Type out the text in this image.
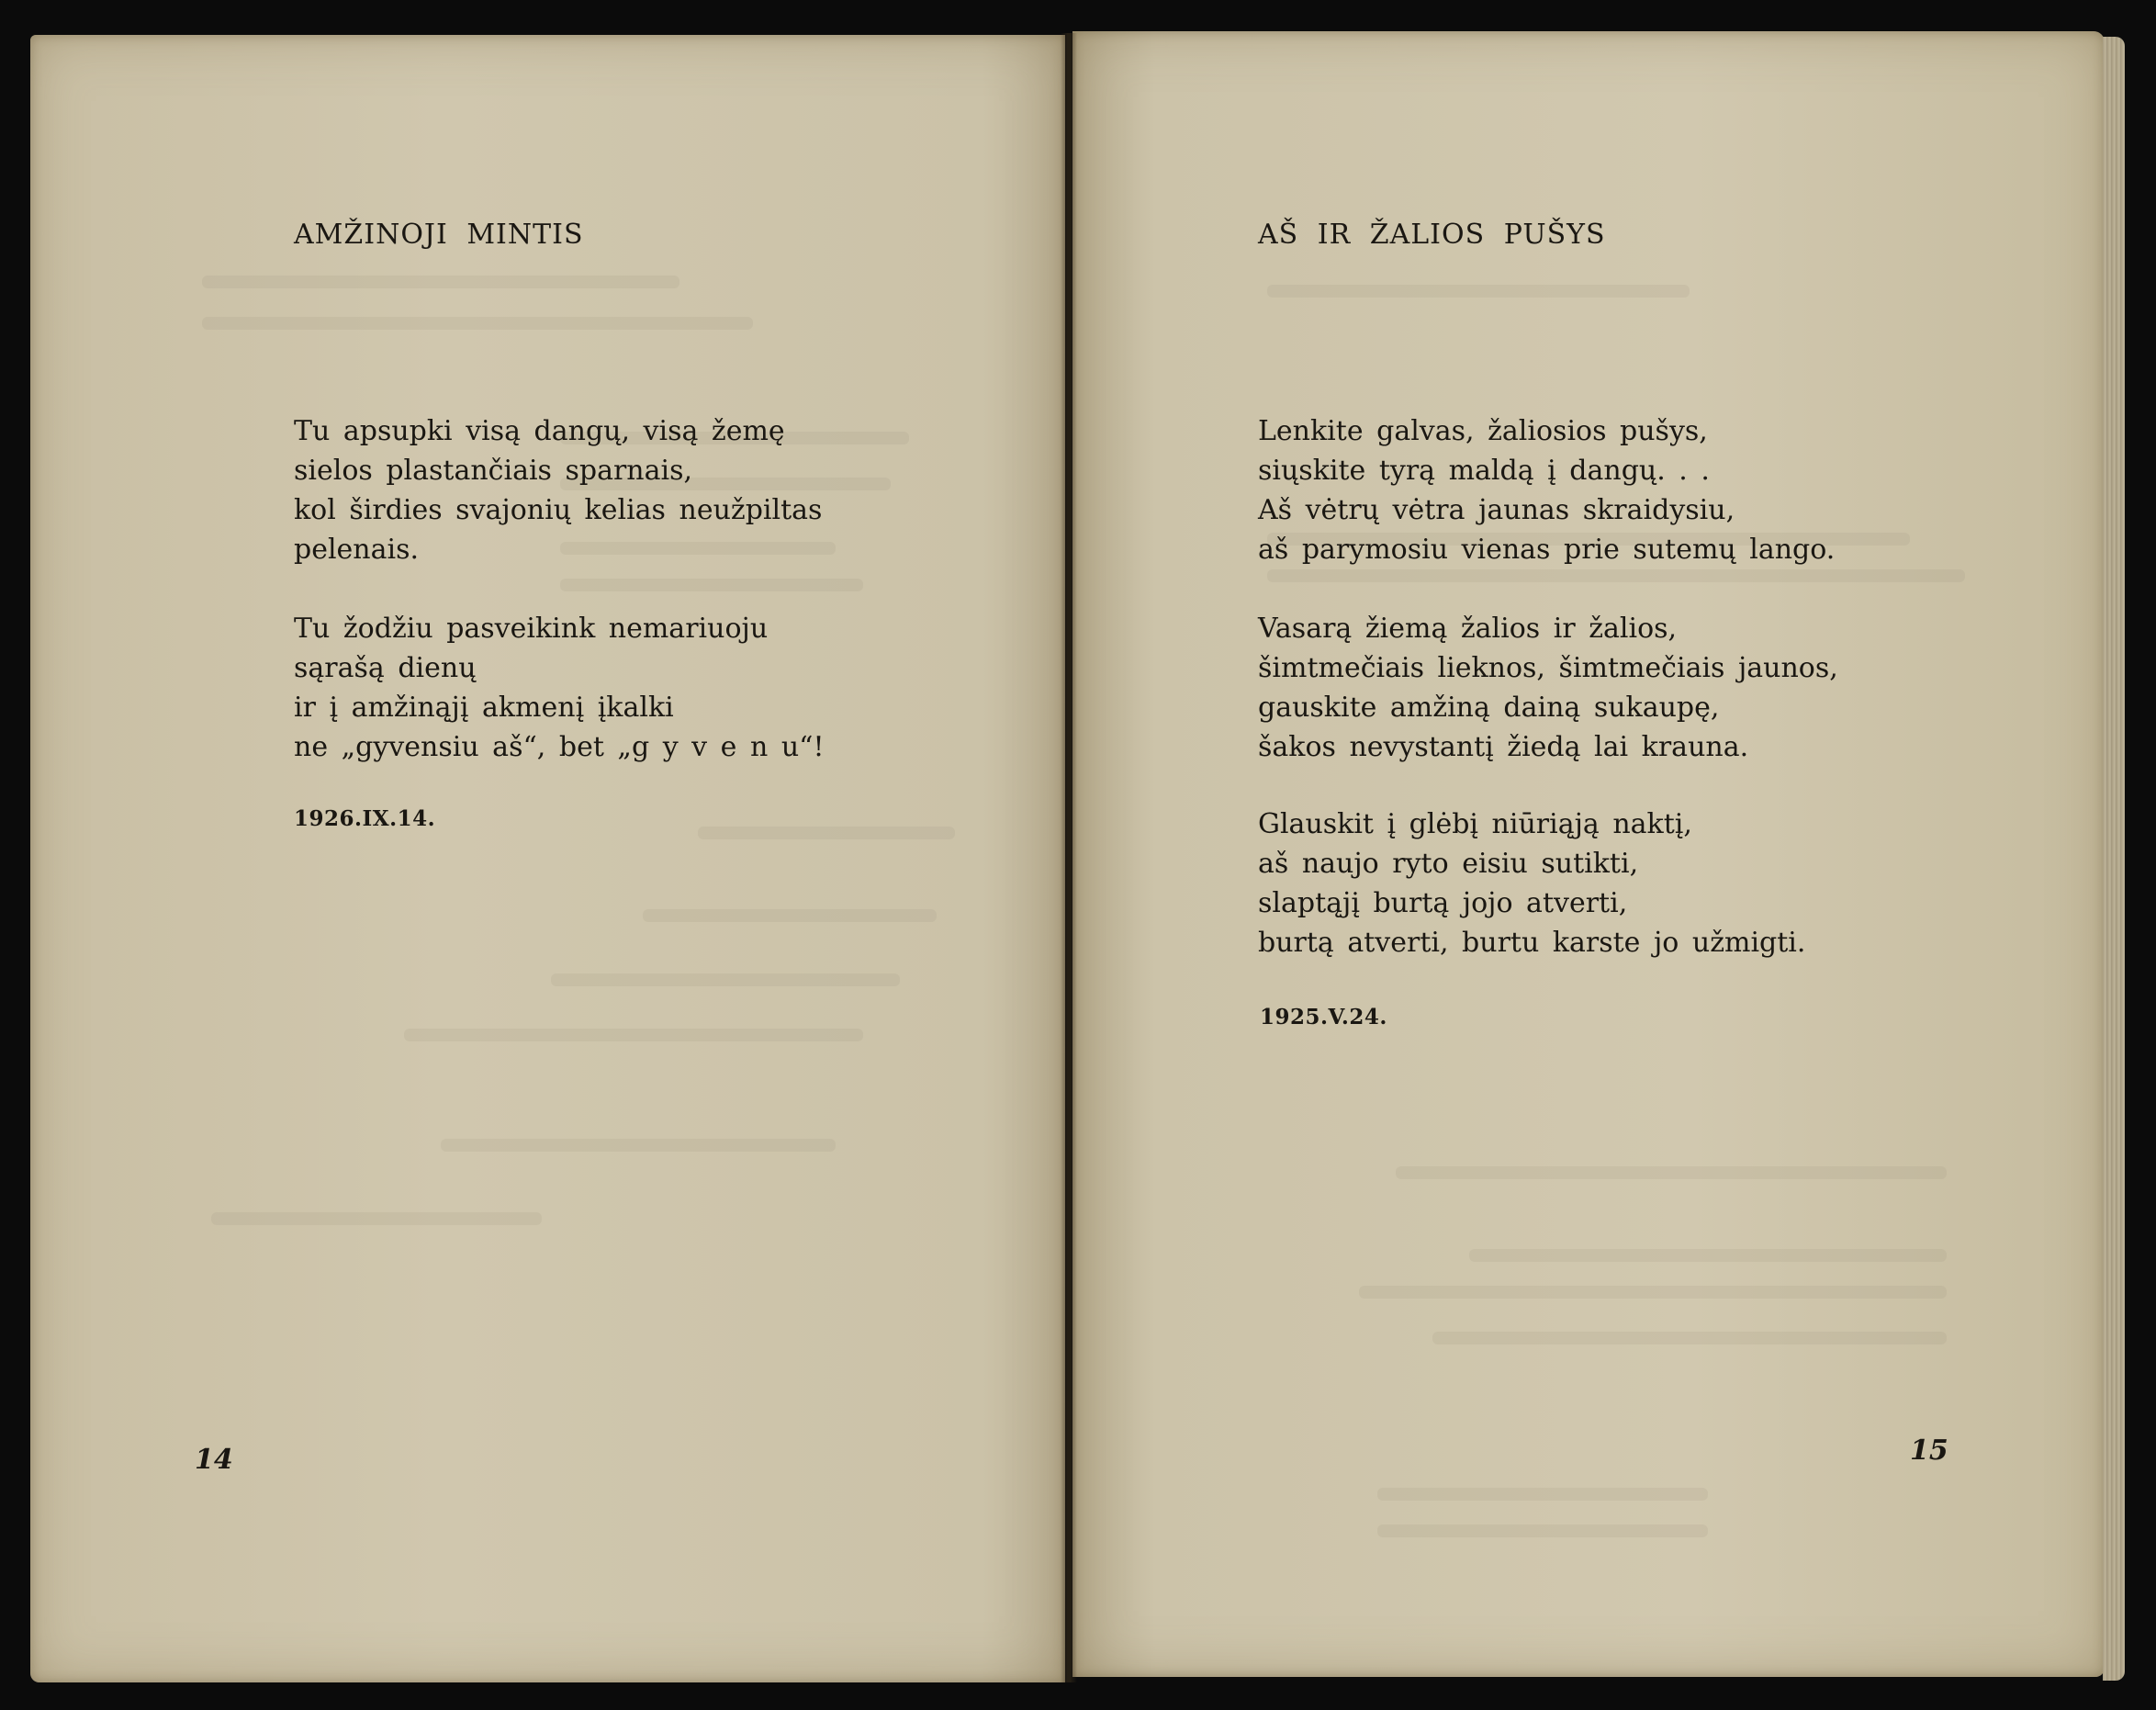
AMŽINOJI MINTIS
Tu apsupki visą dangų, visą žemę
sielos plastančiais sparnais,
kol širdies svajonių kelias neužpiltas
pelenais.
Tu žodžiu pasveikink nemariuoju
sąrašą dienų
ir į amžinąjį akmenį įkalki
ne „gyvensiu aš“, bet „g y v e n u“!
1926.IX.14.
14
AŠ IR ŽALIOS PUŠYS
Lenkite galvas, žaliosios pušys,
siųskite tyrą maldą į dangų. . .
Aš vėtrų vėtra jaunas skraidysiu,
aš parymosiu vienas prie sutemų lango.
Vasarą žiemą žalios ir žalios,
šimtmečiais lieknos, šimtmečiais jaunos,
gauskite amžiną dainą sukaupę,
šakos nevystantį žiedą lai krauna.
Glauskit į glėbį niūriąją naktį,
aš naujo ryto eisiu sutikti,
slaptąjį burtą jojo atverti,
burtą atverti, burtu karste jo užmigti.
1925.V.24.
15
